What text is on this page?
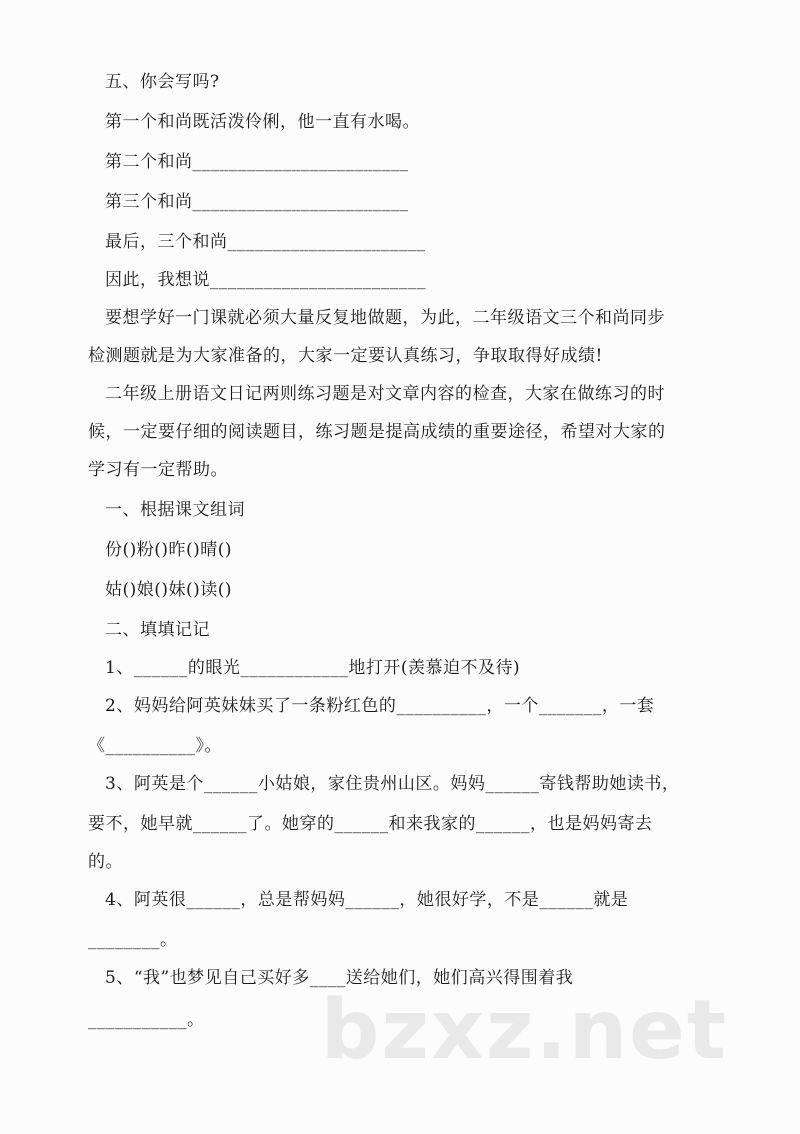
五、你会写吗?
第一个和尚既活泼伶俐，他一直有水喝。
第二个和尚________________________
第三个和尚________________________
最后，三个和尚______________________
因此，我想说________________________
要想学好一门课就必须大量反复地做题，为此，二年级语文三个和尚同步
检测题就是为大家准备的，大家一定要认真练习，争取取得好成绩!
二年级上册语文日记两则练习题是对文章内容的检查，大家在做练习的时
候，一定要仔细的阅读题目，练习题是提高成绩的重要途径，希望对大家的
学习有一定帮助。
一、根据课文组词
份()粉()昨()晴()
姑()娘()妹()读()
二、填填记记
1、______的眼光____________地打开(羡慕迫不及待)
2、妈妈给阿英妹妹买了一条粉红色的__________，一个_______，一套
《__________》。
3、阿英是个______小姑娘，家住贵州山区。妈妈______寄钱帮助她读书，
要不，她早就______了。她穿的______和来我家的______，也是妈妈寄去
的。
4、阿英很______，总是帮妈妈______，她很好学，不是______就是
________。
5、“我”也梦见自己买好多____送给她们，她们高兴得围着我
___________。 bzxz.net
